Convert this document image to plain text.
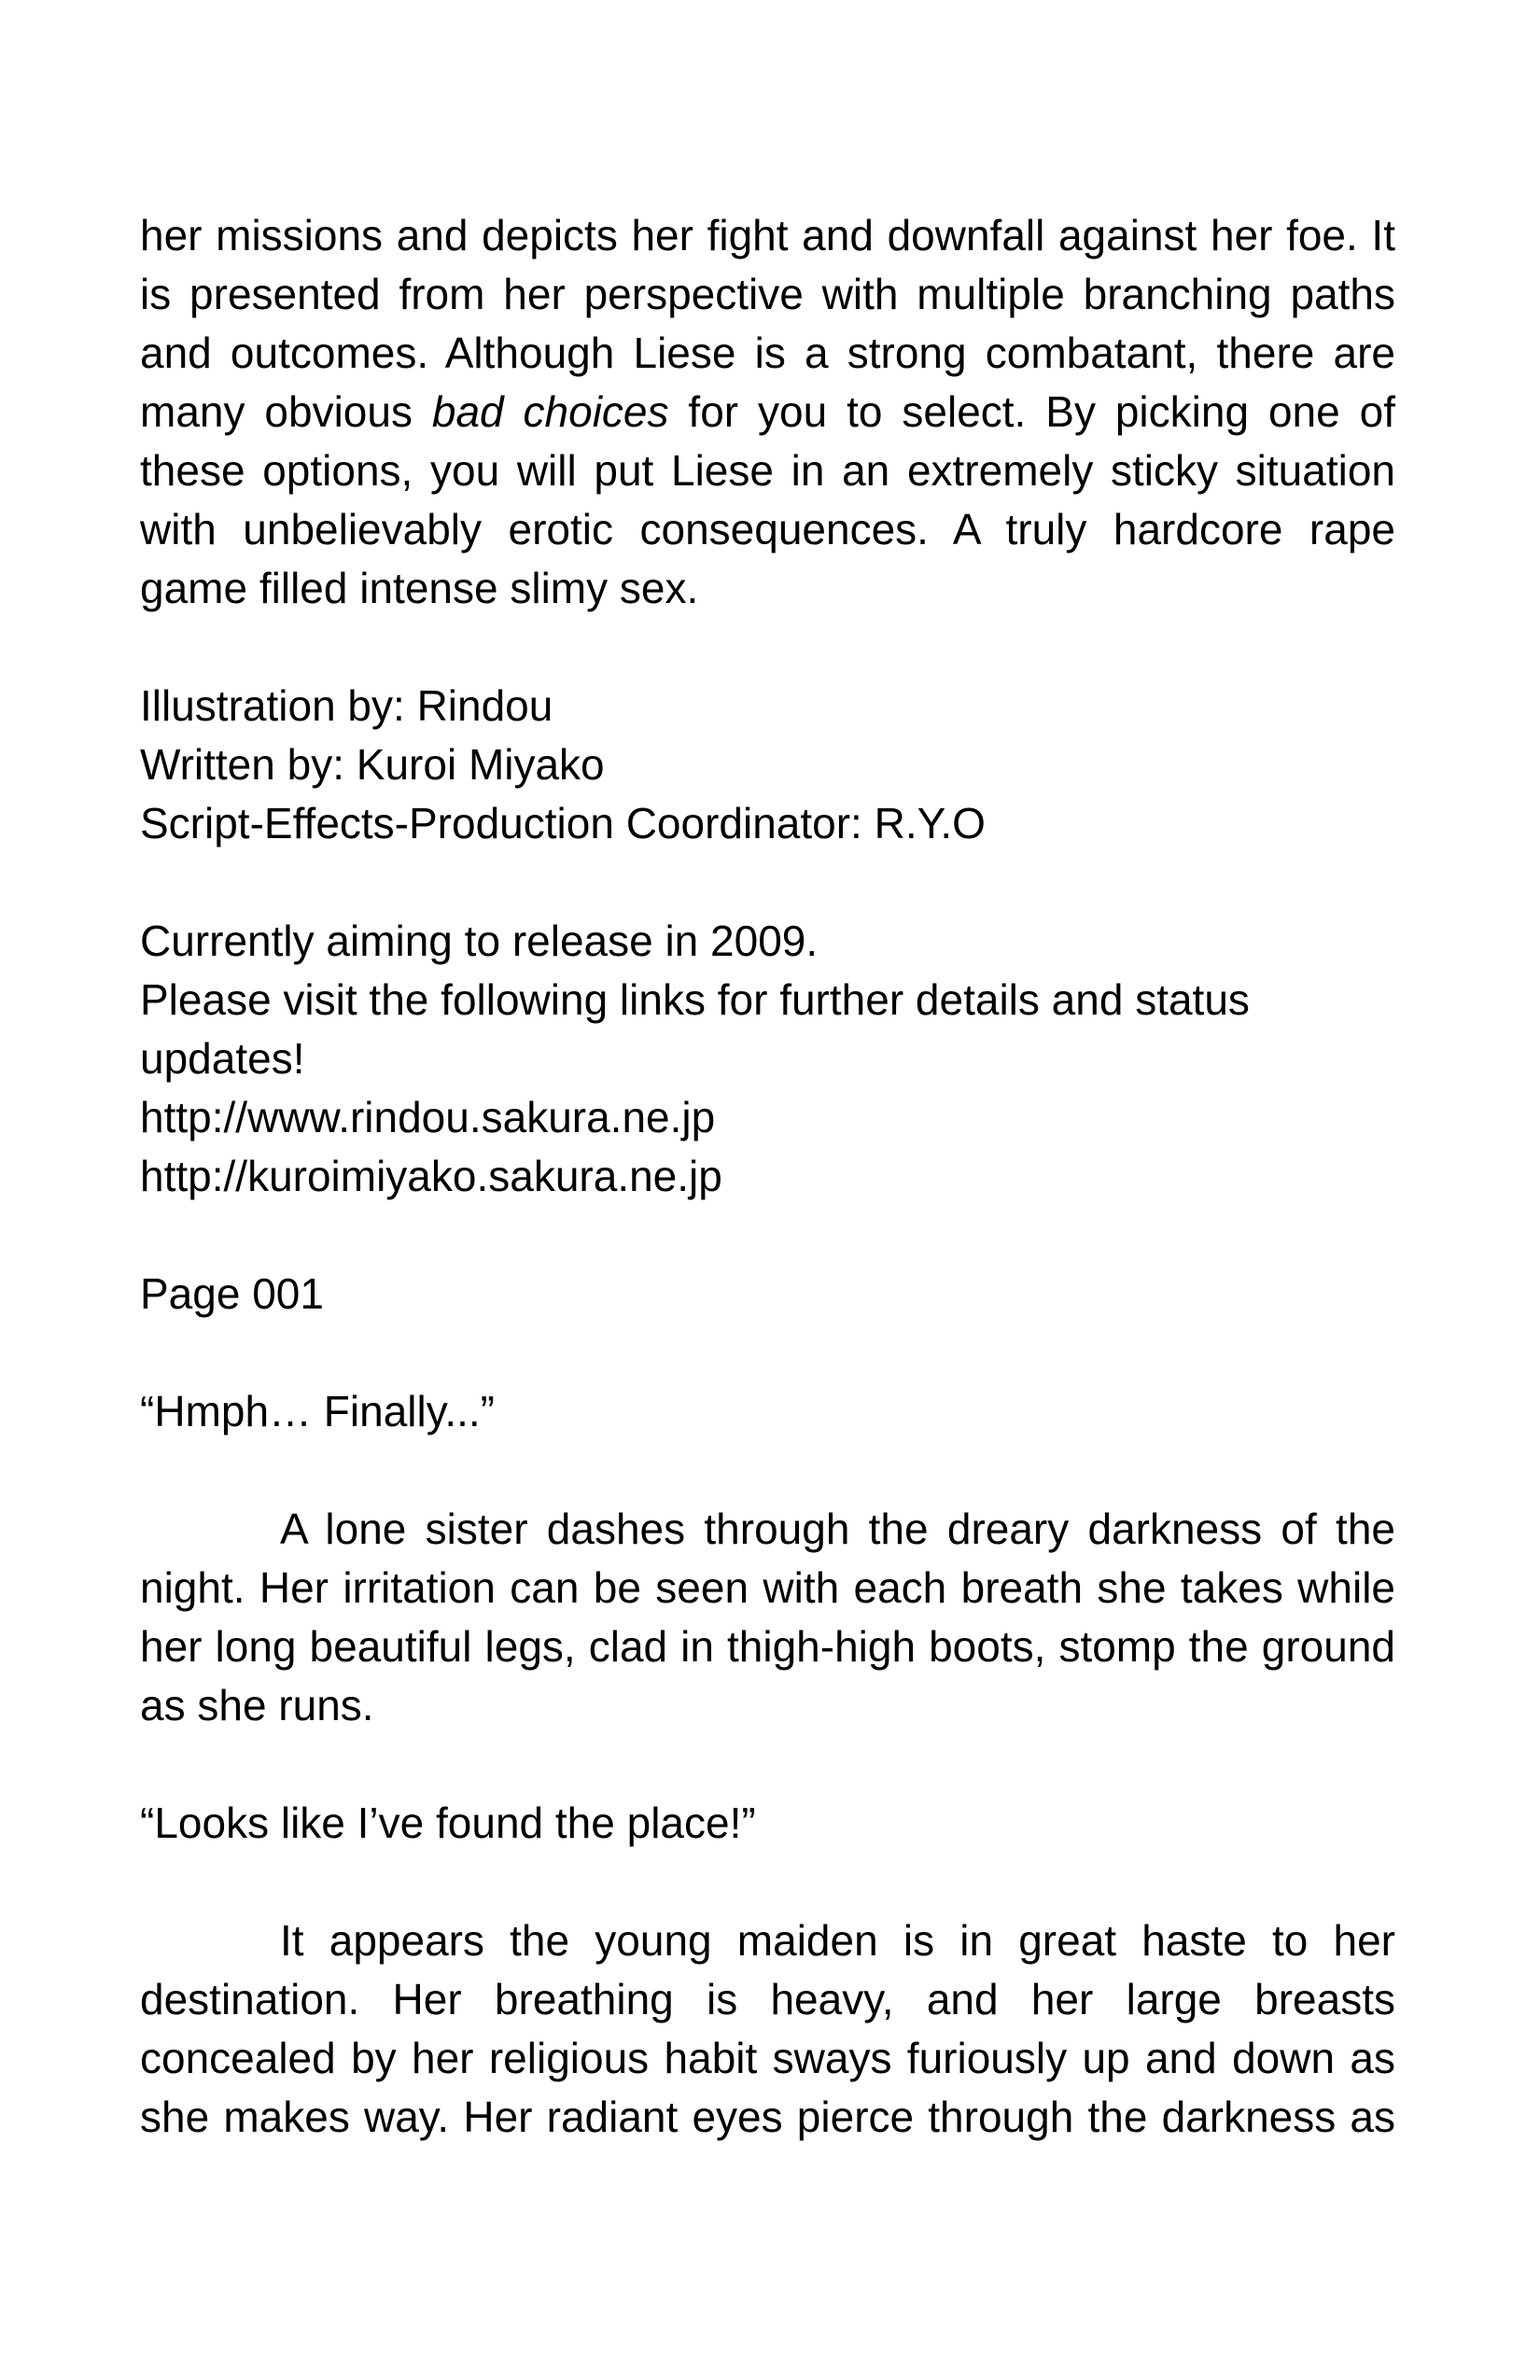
her missions and depicts her fight and downfall against her foe. It
is presented from her perspective with multiple branching paths
and outcomes. Although Liese is a strong combatant, there are
many obvious bad choices for you to select. By picking one of
these options, you will put Liese in an extremely sticky situation
with unbelievably erotic consequences. A truly hardcore rape
game filled intense slimy sex.
Illustration by: Rindou
Written by: Kuroi Miyako
Script-Effects-Production Coordinator: R.Y.O
Currently aiming to release in 2009.
Please visit the following links for further details and status
updates!
http://www.rindou.sakura.ne.jp
http://kuroimiyako.sakura.ne.jp
Page 001
“Hmph… Finally...”
A lone sister dashes through the dreary darkness of the
night. Her irritation can be seen with each breath she takes while
her long beautiful legs, clad in thigh-high boots, stomp the ground
as she runs.
“Looks like I’ve found the place!”
It appears the young maiden is in great haste to her
destination. Her breathing is heavy, and her large breasts
concealed by her religious habit sways furiously up and down as
she makes way. Her radiant eyes pierce through the darkness as
